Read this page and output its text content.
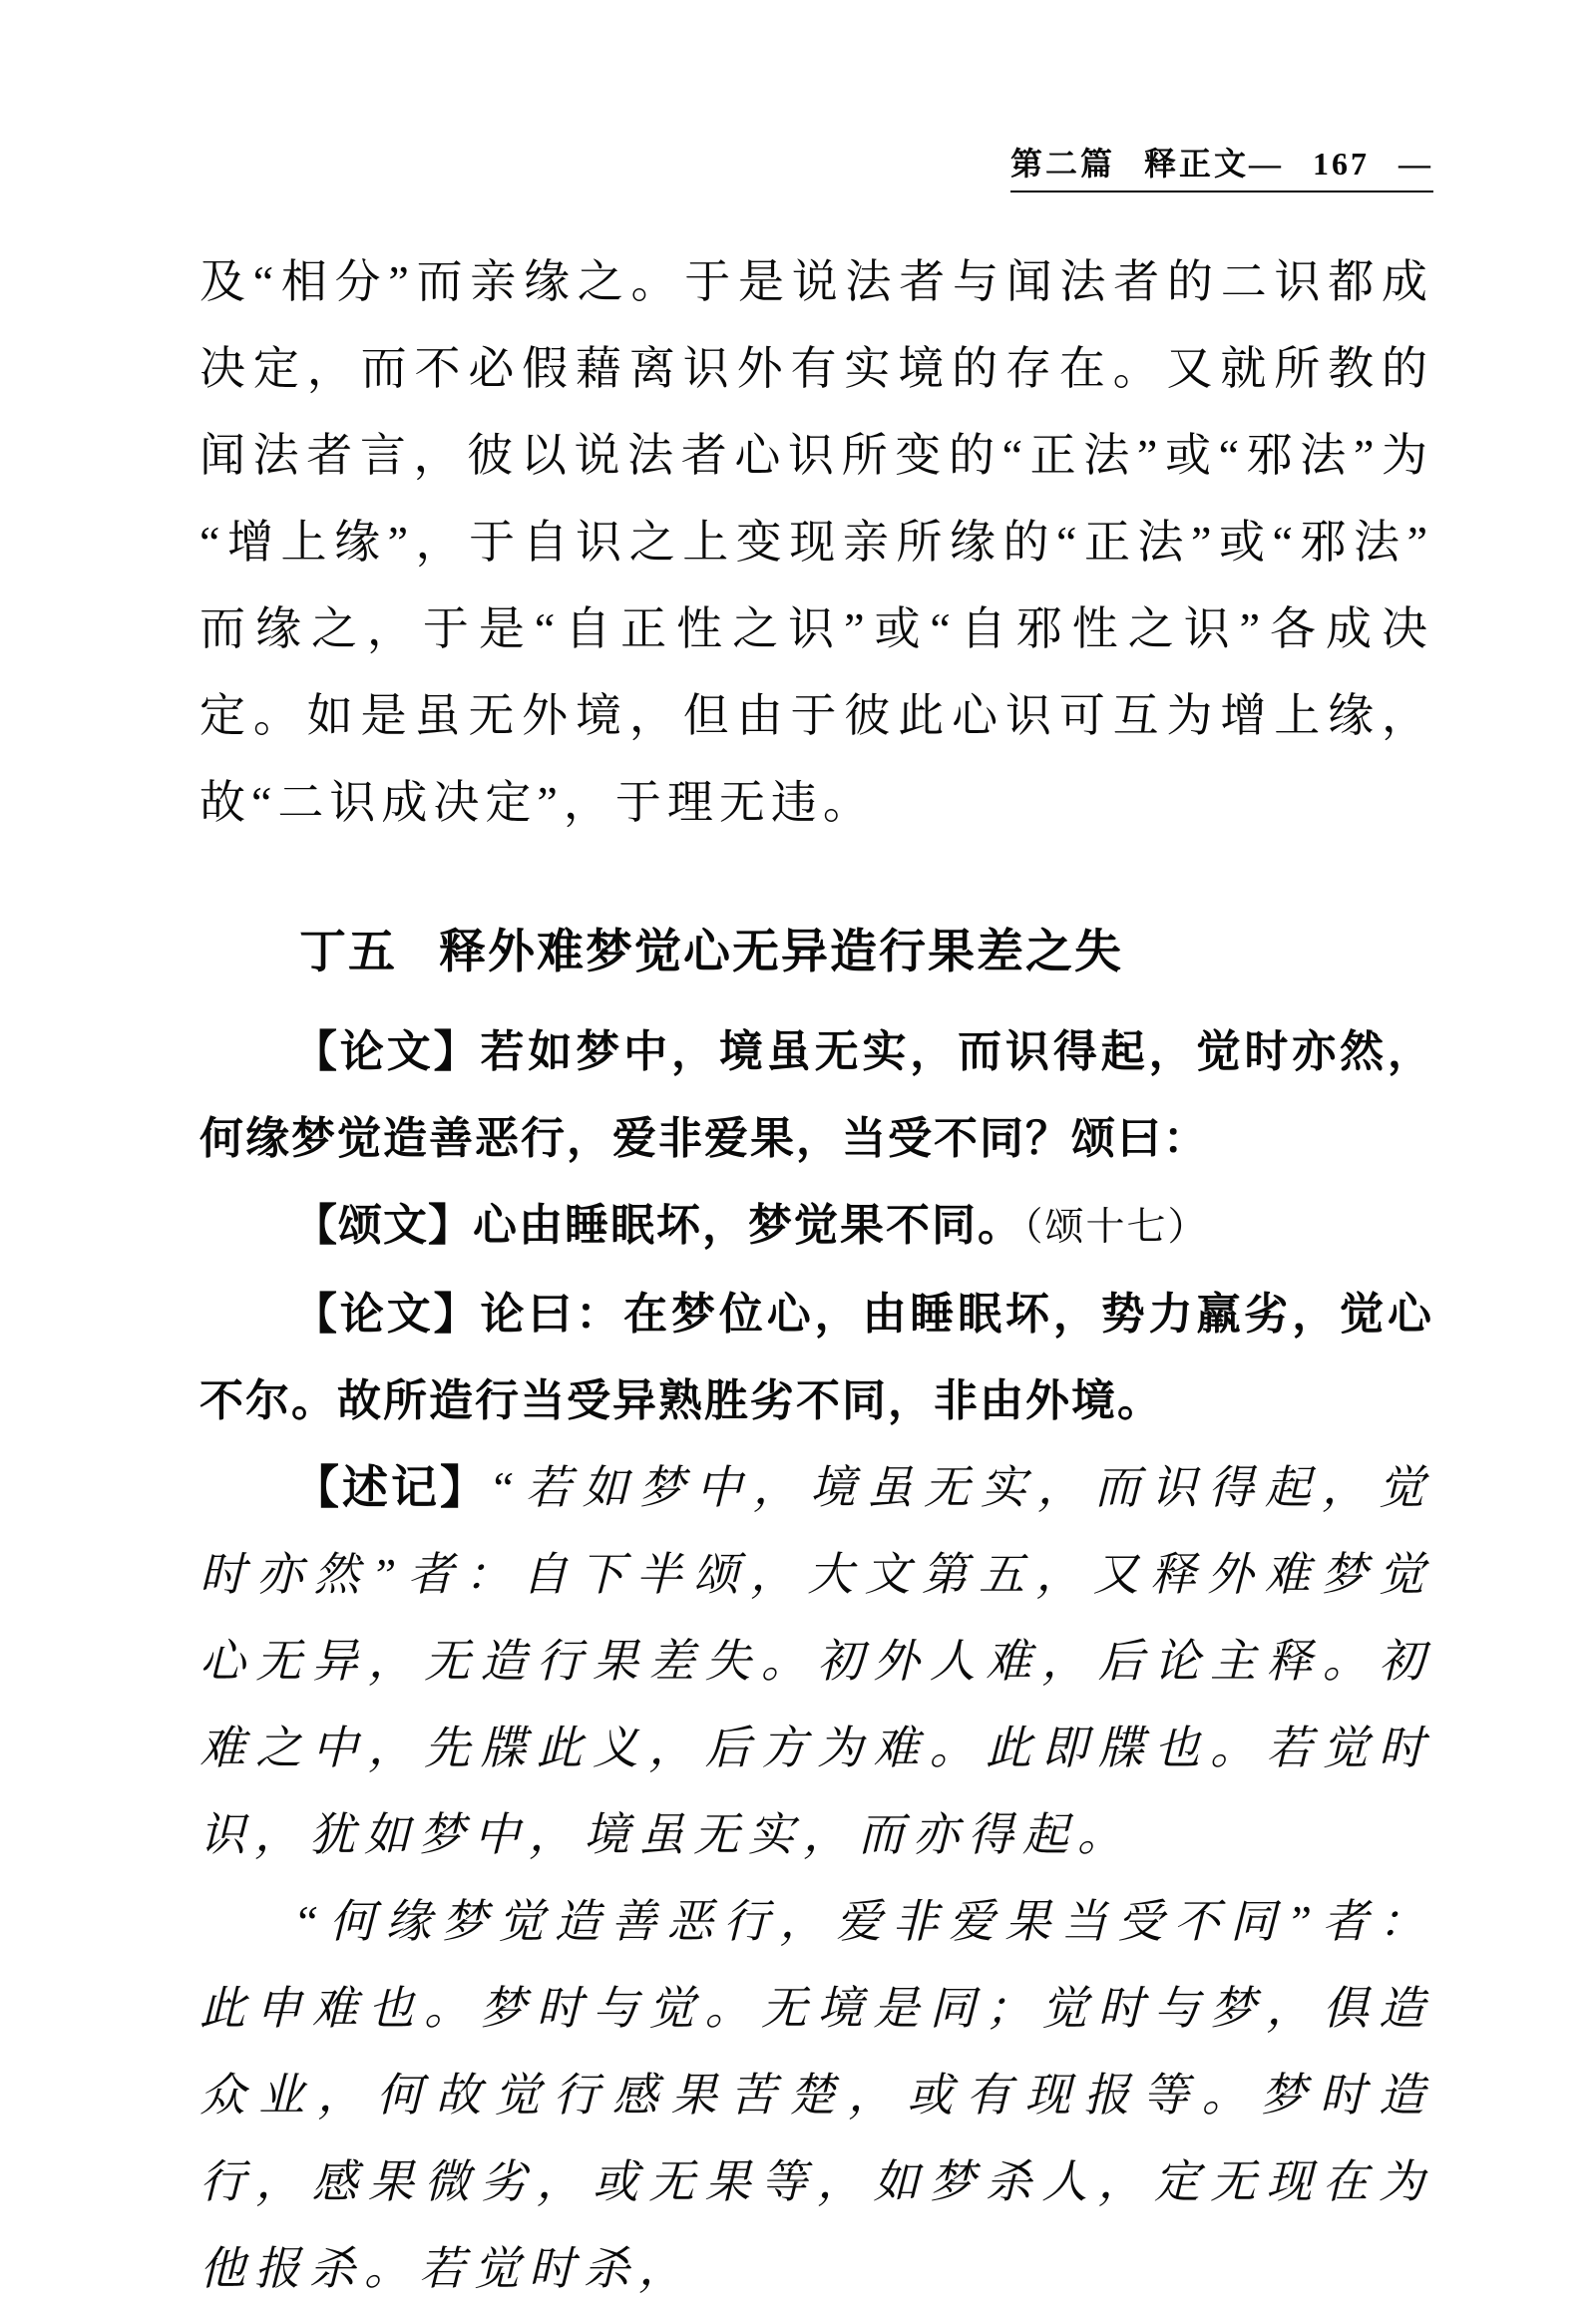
第二篇 释正文— 167 —

及“相分”而亲缘之。于是说法者与闻法者的二识都成决定，而不必假藉离识外有实境的存在。又就所教的闻法者言，彼以说法者心识所变的“正法”或“邪法”为“增上缘”，于自识之上变现亲所缘的“正法”或“邪法”而缘之，于是“自正性之识”或“自邪性之识”各成决定。如是虽无外境，但由于彼此心识可互为增上缘，故“二识成决定”，于理无违。

丁五 释外难梦觉心无异造行果差之失

【论文】若如梦中，境虽无实，而识得起，觉时亦然，何缘梦觉造善恶行，爱非爱果，当受不同？颂曰：

【颂文】心由睡眠坏，梦觉果不同。（颂十七）

【论文】论曰：在梦位心，由睡眠坏，势力羸劣，觉心不尔。故所造行当受异熟胜劣不同，非由外境。

【述记】“若如梦中，境虽无实，而识得起，觉时亦然”者：自下半颂，大文第五，又释外难梦觉心无异，无造行果差失。初外人难，后论主释。初难之中，先牒此义，后方为难。此即牒也。若觉时识，犹如梦中，境虽无实，而亦得起。

“何缘梦觉造善恶行，爱非爱果当受不同”者：此申难也。梦时与觉。无境是同；觉时与梦，俱造众业，何故觉行感果苦楚，或有现报等。梦时造行，感果微劣，或无果等，如梦杀人，定无现在为他报杀。若觉时杀，
